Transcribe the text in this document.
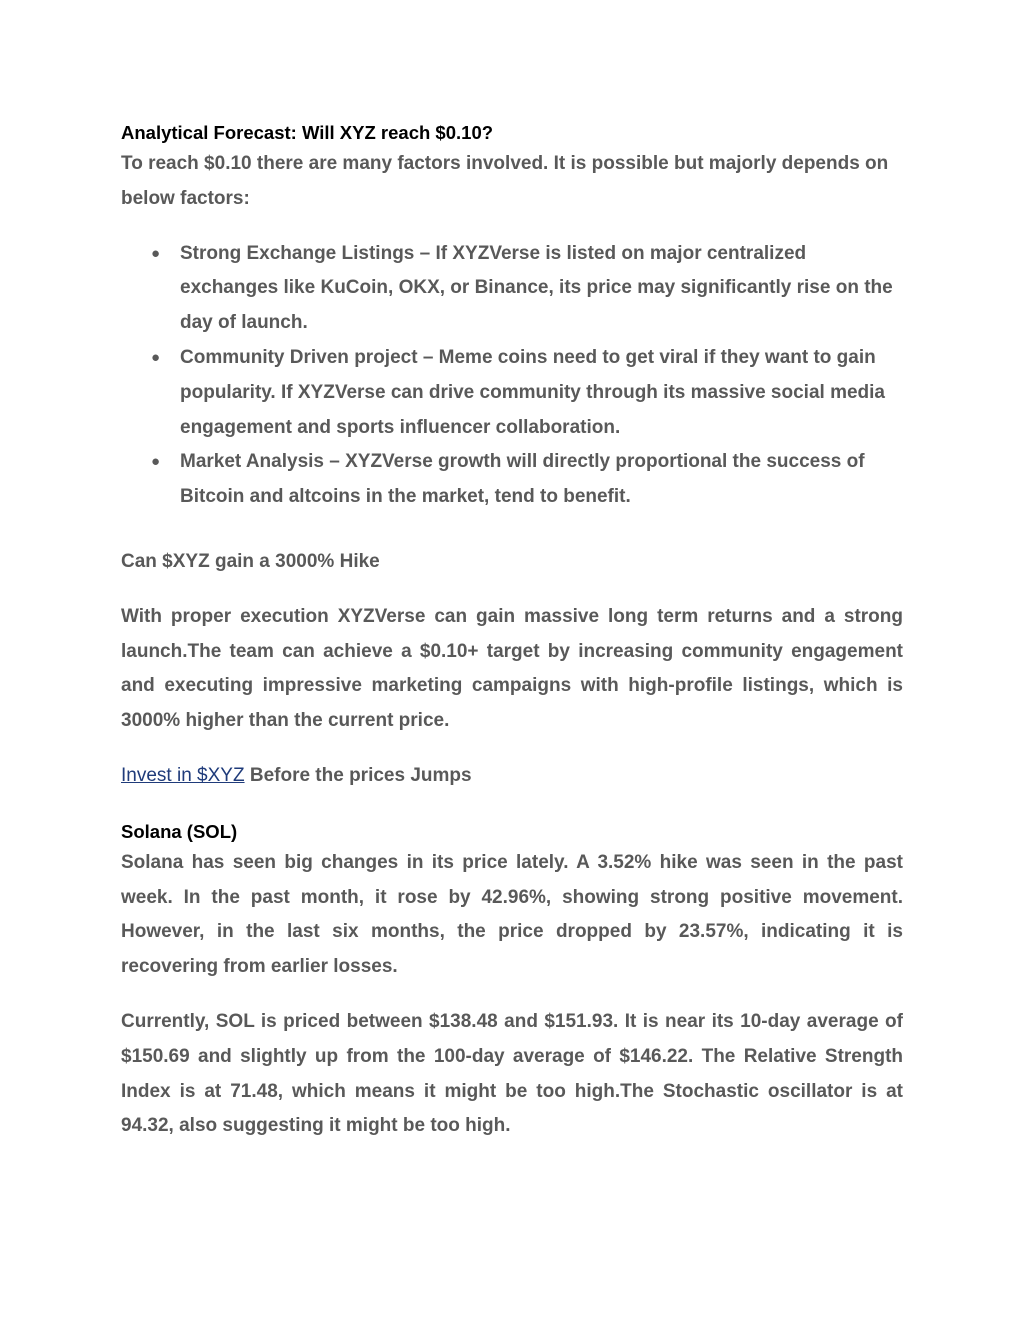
Analytical Forecast: Will XYZ reach $0.10?

To reach $0.10 there are many factors involved. It is possible but majorly depends on below factors:

● Strong Exchange Listings – If XYZVerse is listed on major centralized exchanges like KuCoin, OKX, or Binance, its price may significantly rise on the day of launch.
● Community Driven project – Meme coins need to get viral if they want to gain popularity. If XYZVerse can drive community through its massive social media engagement and sports influencer collaboration.
● Market Analysis – XYZVerse growth will directly proportional the success of Bitcoin and altcoins in the market, tend to benefit.

Can $XYZ gain a 3000% Hike

With proper execution XYZVerse can gain massive long term returns and a strong launch.The team can achieve a $0.10+ target by increasing community engagement and executing impressive marketing campaigns with high-profile listings, which is 3000% higher than the current price.

Invest in $XYZ Before the prices Jumps

Solana (SOL)

Solana has seen big changes in its price lately. A 3.52% hike was seen in the past week. In the past month, it rose by 42.96%, showing strong positive movement. However, in the last six months, the price dropped by 23.57%, indicating it is recovering from earlier losses.

Currently, SOL is priced between $138.48 and $151.93. It is near its 10-day average of $150.69 and slightly up from the 100-day average of $146.22. The Relative Strength Index is at 71.48, which means it might be too high.The Stochastic oscillator is at 94.32, also suggesting it might be too high.
